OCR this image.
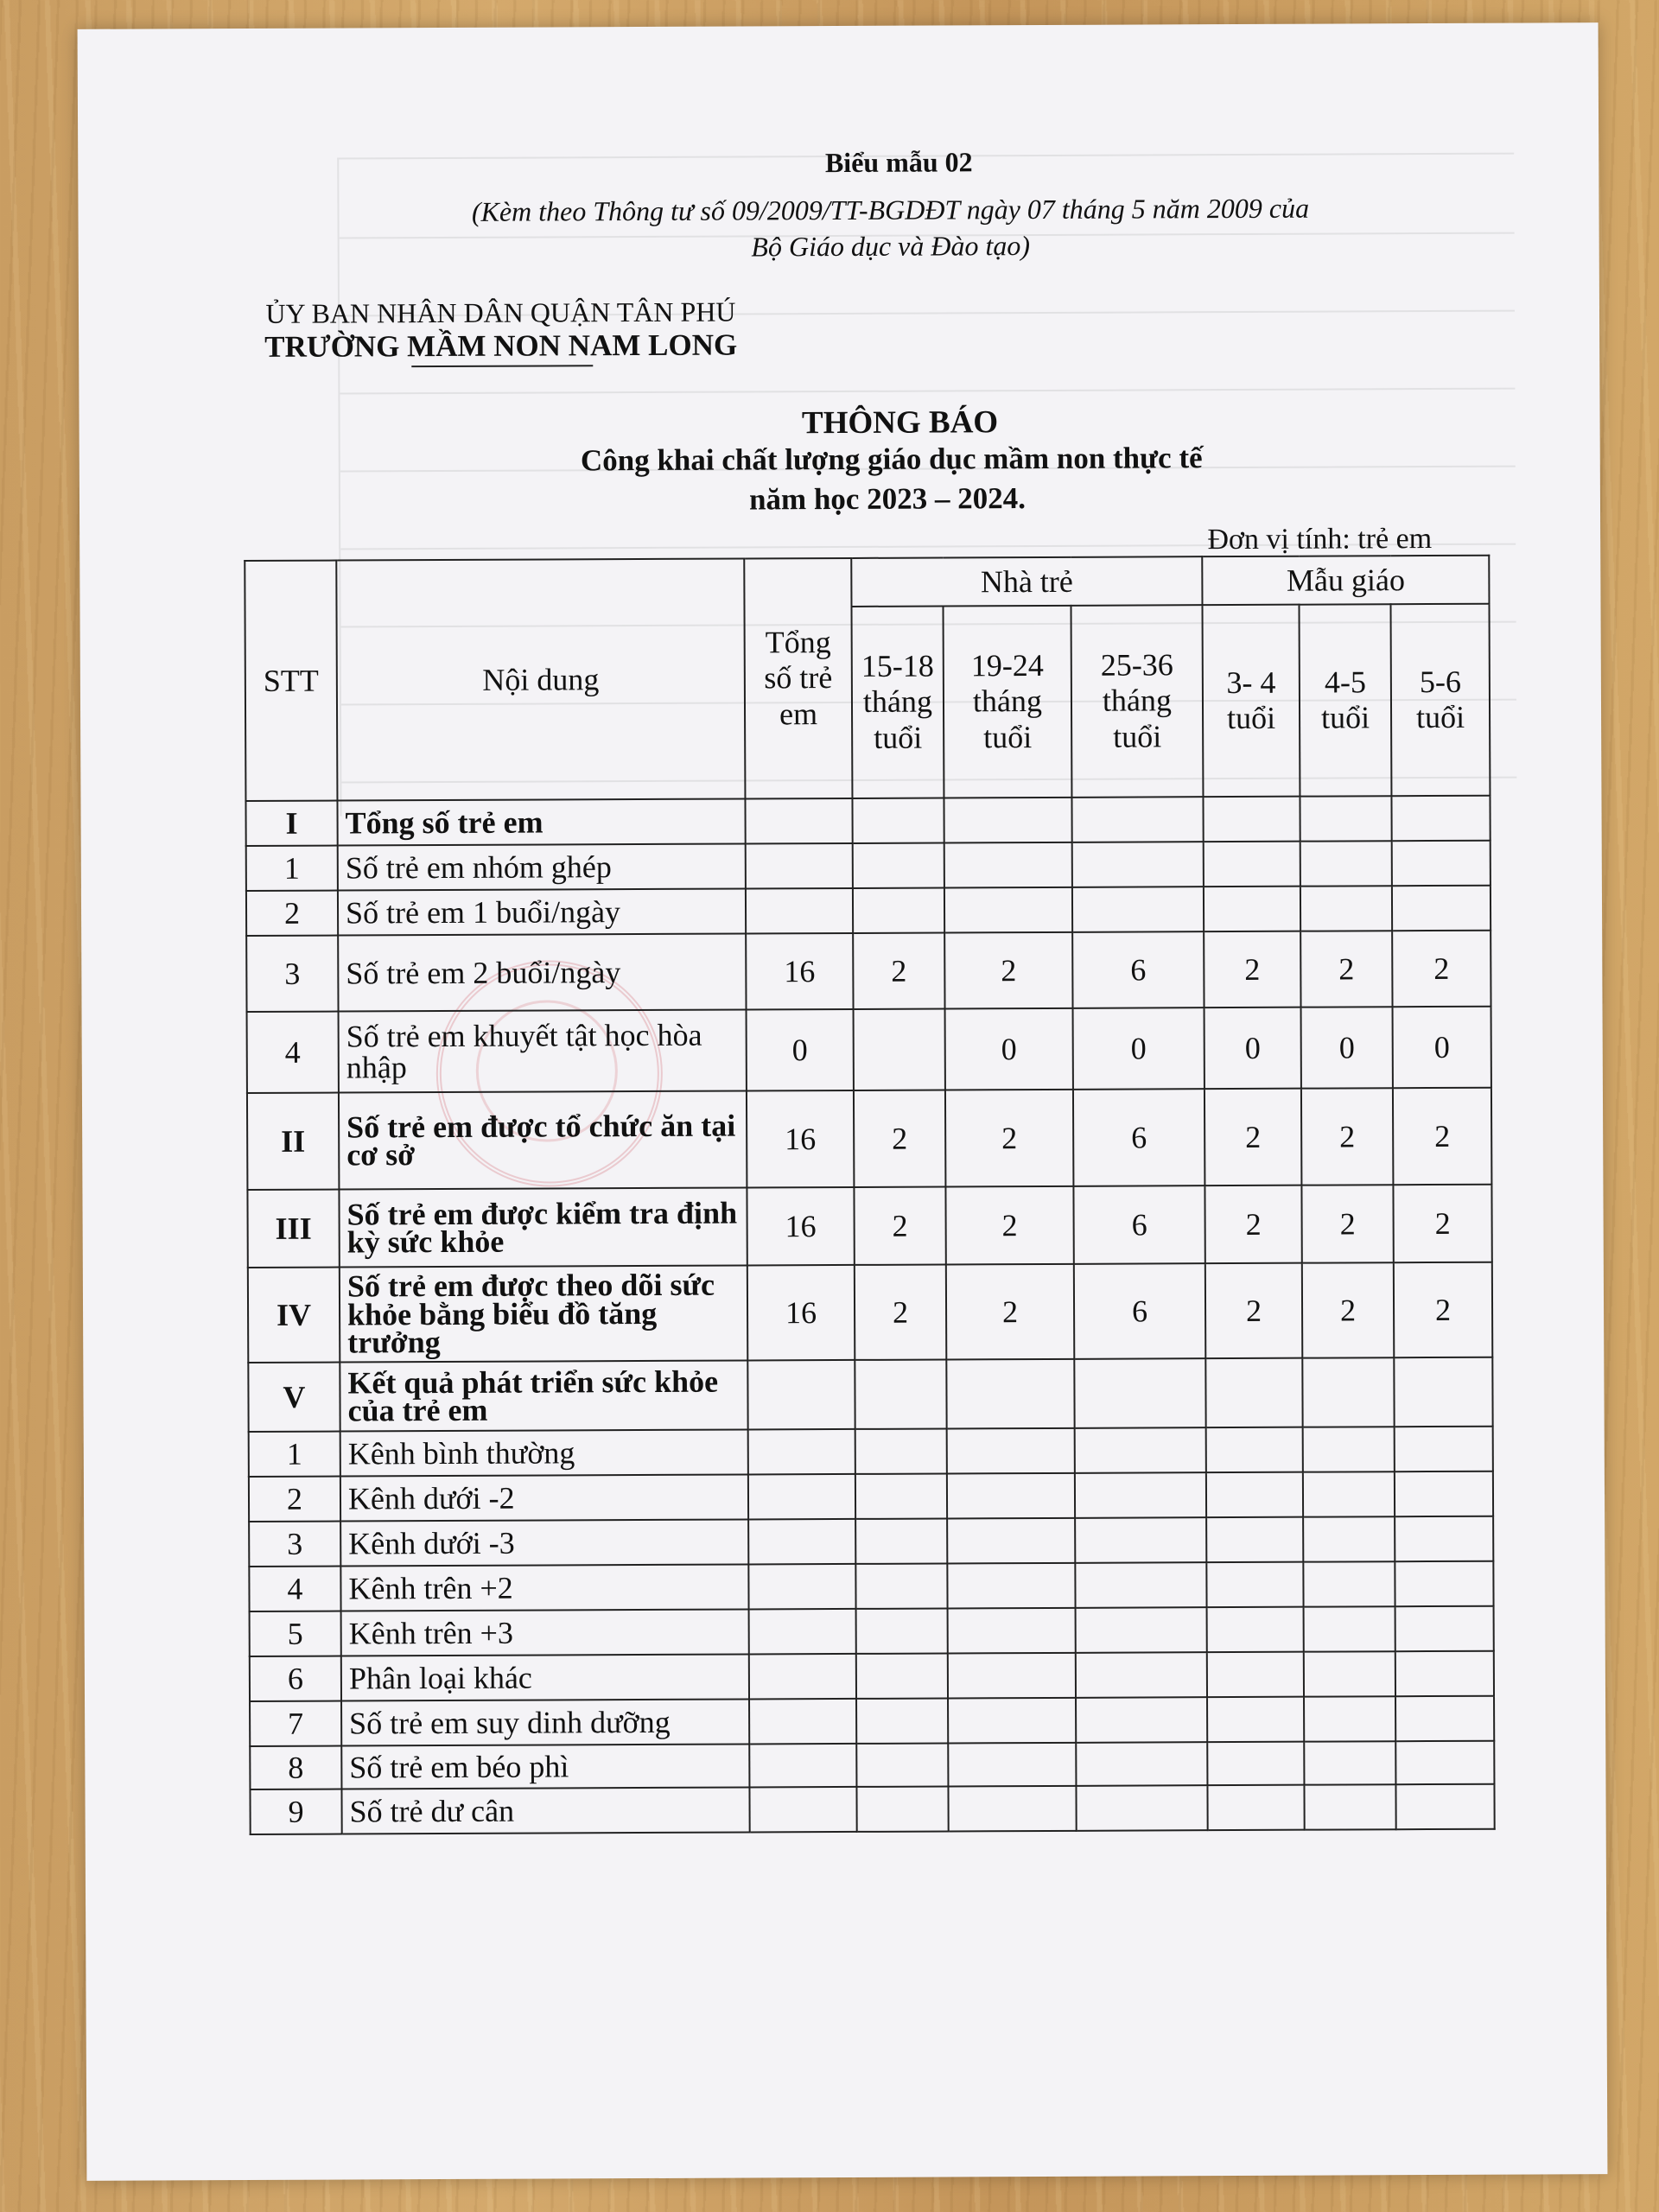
Biểu mẫu 02
(Kèm theo Thông tư số 09/2009/TT-BGDĐT ngày 07 tháng 5 năm 2009 của
Bộ Giáo dục và Đào tạo)
ỦY BAN NHÂN DÂN QUẬN TÂN PHÚ
TRƯỜNG MẦM NON NAM LONG
THÔNG BÁO
Công khai chất lượng giáo dục mầm non thực tế
năm học 2023 – 2024.
Đơn vị tính: trẻ em
STT	Nội dung	Tổng số trẻ em	Nhà trẻ			Mẫu giáo		
			15-18 tháng tuổi	19-24 tháng tuổi	25-36 tháng tuổi	3- 4 tuổi	4-5 tuổi	5-6 tuổi
I	Tổng số trẻ em							
1	Số trẻ em nhóm ghép							
2	Số trẻ em 1 buổi/ngày							
3	Số trẻ em 2 buổi/ngày	16	2	2	6	2	2	2
4	Số trẻ em khuyết tật học hòa nhập	0		0	0	0	0	0
II	Số trẻ em được tổ chức ăn tại cơ sở	16	2	2	6	2	2	2
III	Số trẻ em được kiểm tra định kỳ sức khỏe	16	2	2	6	2	2	2
IV	Số trẻ em được theo dõi sức khỏe bằng biểu đồ tăng trưởng	16	2	2	6	2	2	2
V	Kết quả phát triển sức khỏe của trẻ em							
1	Kênh bình thường							
2	Kênh dưới -2							
3	Kênh dưới -3							
4	Kênh trên +2							
5	Kênh trên +3							
6	Phân loại khác							
7	Số trẻ em suy dinh dưỡng							
8	Số trẻ em béo phì							
9	Số trẻ dư cân							
